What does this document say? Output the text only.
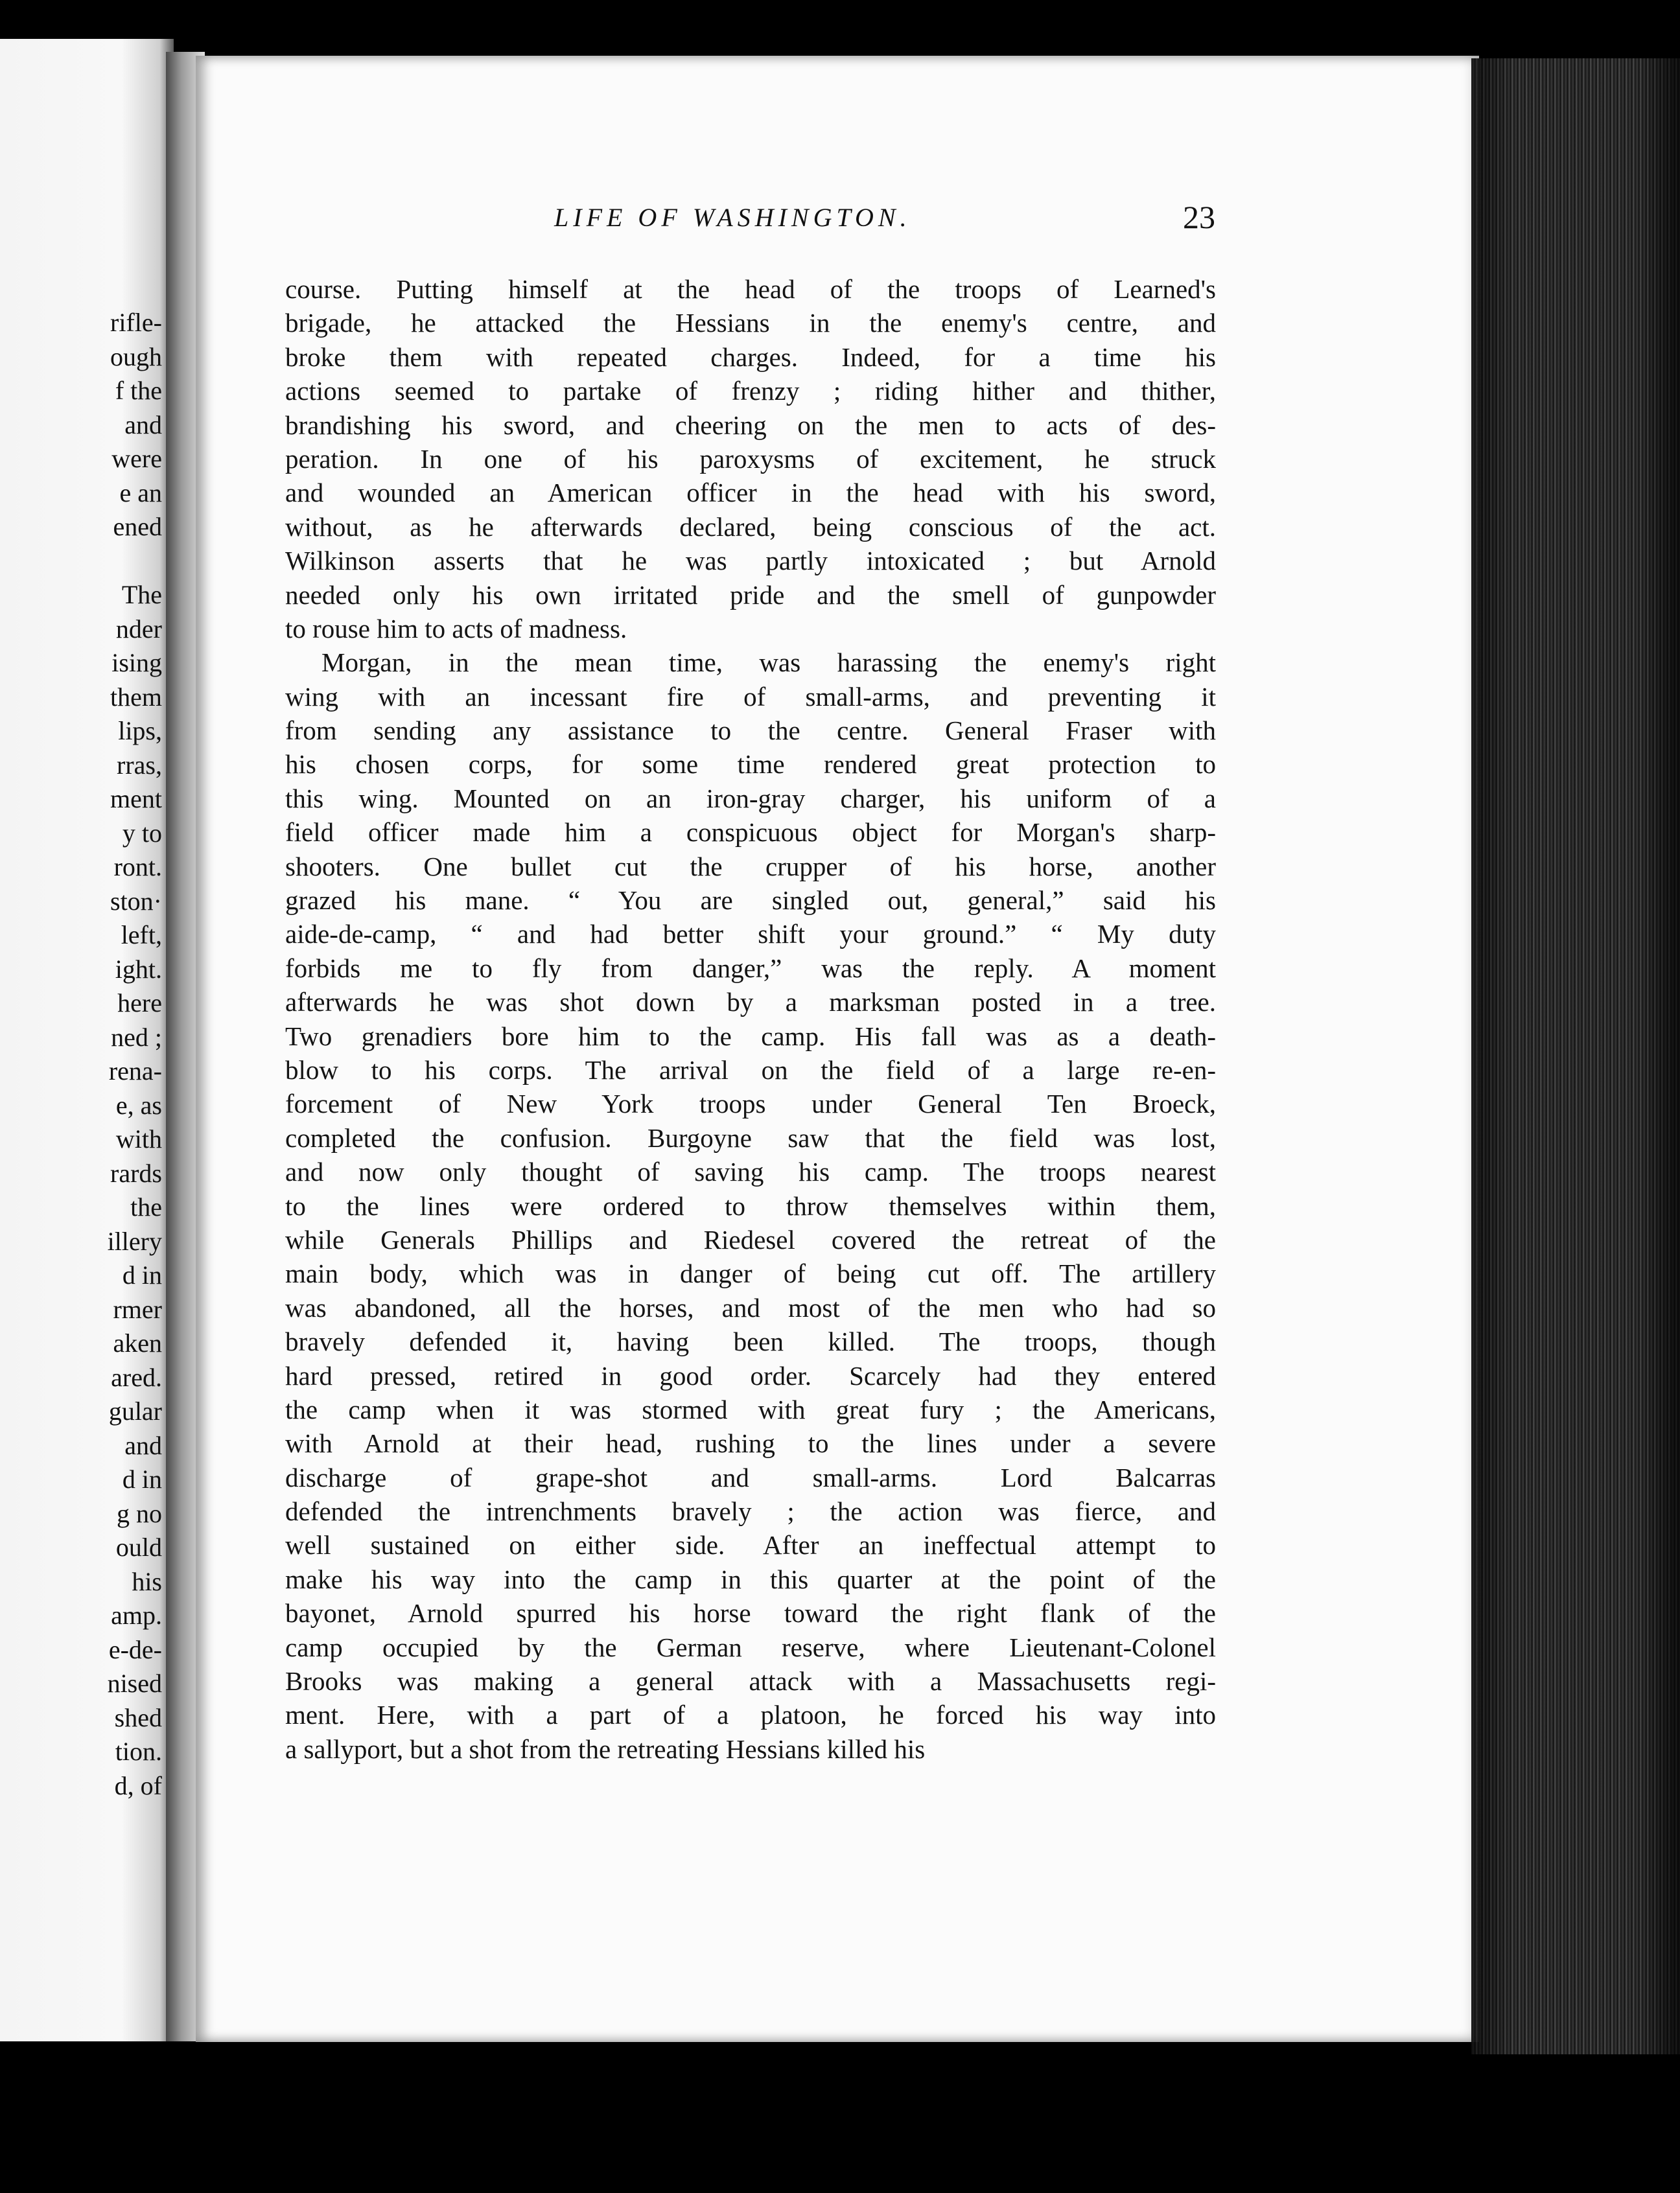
rifle-
ough
f the
and
were
e an
ened

The
nder
ising
them
lips,
rras,
ment
y to
ront.
ston·
left,
ight.
here
ned ;
rena-
e, as
with
rards
the
illery
d in
rmer
aken
ared.
gular
and
d in
g no
ould
his
amp.
e-de-
nised
shed
tion.
d, of
LIFE OF WASHINGTON.	23
course. Putting himself at the head of the troops of Learned's
brigade, he attacked the Hessians in the enemy's centre, and
broke them with repeated charges. Indeed, for a time his
actions seemed to partake of frenzy ; riding hither and thither,
brandishing his sword, and cheering on the men to acts of des-
peration. In one of his paroxysms of excitement, he struck
and wounded an American officer in the head with his sword,
without, as he afterwards declared, being conscious of the act.
Wilkinson asserts that he was partly intoxicated ; but Arnold
needed only his own irritated pride and the smell of gunpowder
to rouse him to acts of madness.
Morgan, in the mean time, was harassing the enemy's right
wing with an incessant fire of small-arms, and preventing it
from sending any assistance to the centre. General Fraser with
his chosen corps, for some time rendered great protection to
this wing. Mounted on an iron-gray charger, his uniform of a
field officer made him a conspicuous object for Morgan's sharp-
shooters. One bullet cut the crupper of his horse, another
grazed his mane. “ You are singled out, general,” said his
aide-de-camp, “ and had better shift your ground.” “ My duty
forbids me to fly from danger,” was the reply. A moment
afterwards he was shot down by a marksman posted in a tree.
Two grenadiers bore him to the camp. His fall was as a death-
blow to his corps. The arrival on the field of a large re-en-
forcement of New York troops under General Ten Broeck,
completed the confusion. Burgoyne saw that the field was lost,
and now only thought of saving his camp. The troops nearest
to the lines were ordered to throw themselves within them,
while Generals Phillips and Riedesel covered the retreat of the
main body, which was in danger of being cut off. The artillery
was abandoned, all the horses, and most of the men who had so
bravely defended it, having been killed. The troops, though
hard pressed, retired in good order. Scarcely had they entered
the camp when it was stormed with great fury ; the Americans,
with Arnold at their head, rushing to the lines under a severe
discharge of grape-shot and small-arms. Lord Balcarras
defended the intrenchments bravely ; the action was fierce, and
well sustained on either side. After an ineffectual attempt to
make his way into the camp in this quarter at the point of the
bayonet, Arnold spurred his horse toward the right flank of the
camp occupied by the German reserve, where Lieutenant-Colonel
Brooks was making a general attack with a Massachusetts regi-
ment. Here, with a part of a platoon, he forced his way into
a sallyport, but a shot from the retreating Hessians killed his
